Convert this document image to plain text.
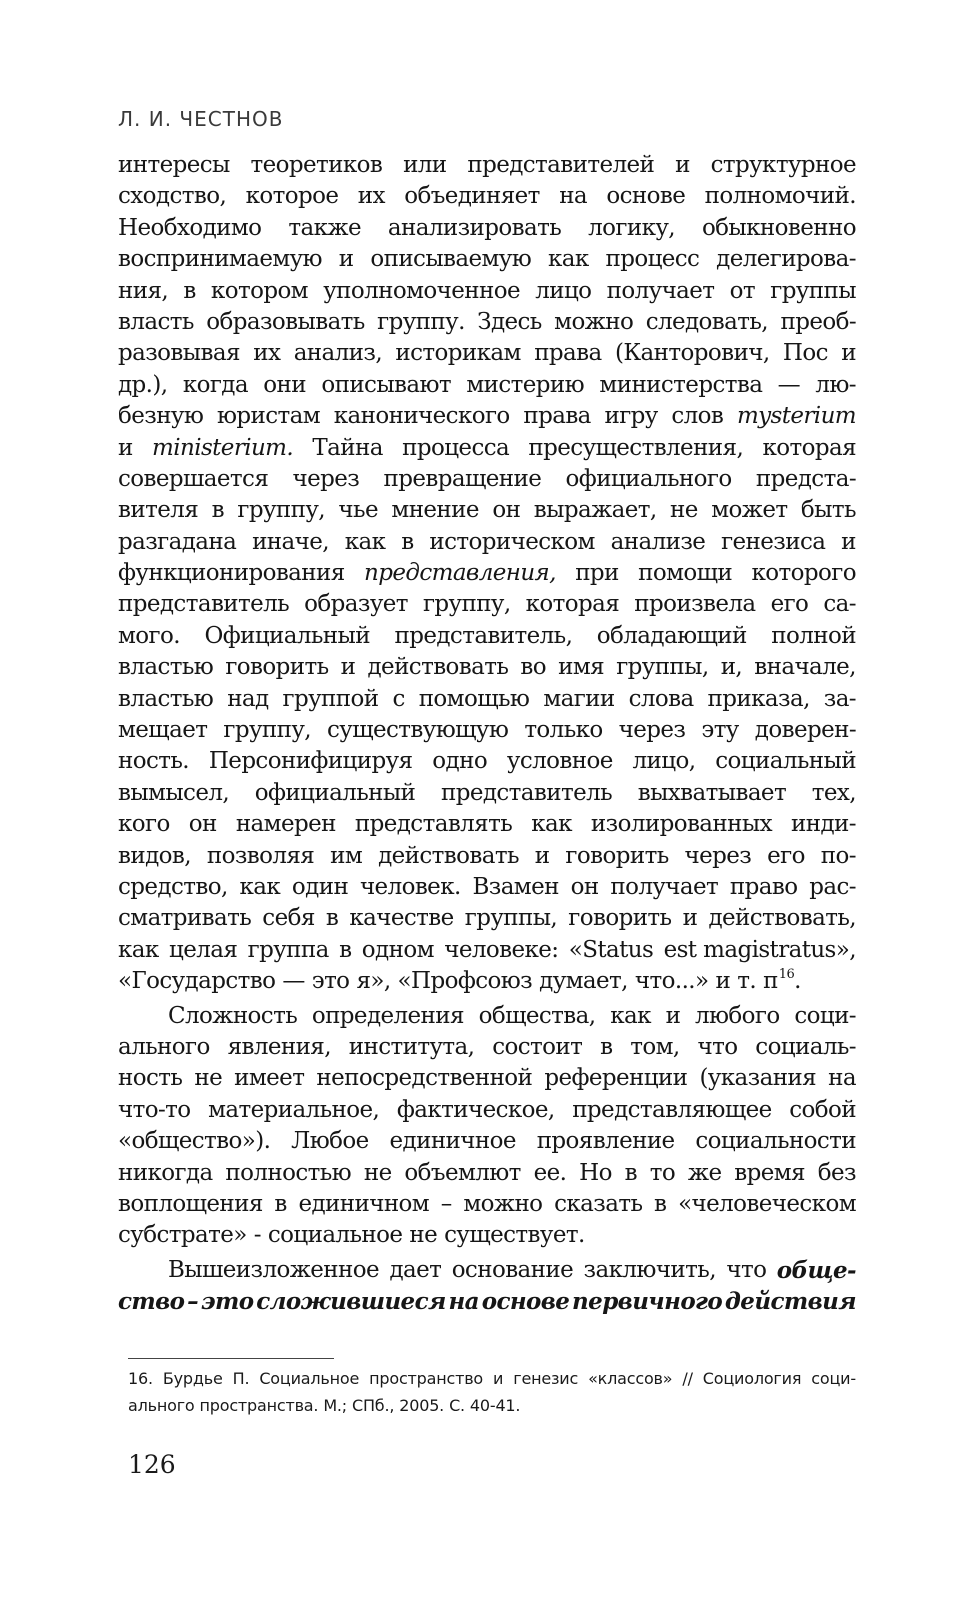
Л. И. ЧЕСТНОВ
интересы теоретиков или представителей и структурное
сходство, которое их объединяет на основе полномочий.
Необходимо также анализировать логику, обыкновенно
воспринимаемую и описываемую как процесс делегирова-
ния, в котором уполномоченное лицо получает от группы
власть образовывать группу. Здесь можно следовать, преоб-
разовывая их анализ, историкам права (Канторович, Пос и
др.), когда они описывают мистерию министерства — лю-
безную юристам канонического права игру слов mysterium
и ministerium. Тайна процесса пресуществления, которая
совершается через превращение официального предста-
вителя в группу, чье мнение он выражает, не может быть
разгадана иначе, как в историческом анализе генезиса и
функционирования представления, при помощи которого
представитель образует группу, которая произвела его са-
мого. Официальный представитель, обладающий полной
властью говорить и действовать во имя группы, и, вначале,
властью над группой с помощью магии слова приказа, за-
мещает группу, существующую только через эту доверен-
ность. Персонифицируя одно условное лицо, социальный
вымысел, официальный представитель выхватывает тех,
кого он намерен представлять как изолированных инди-
видов, позволяя им действовать и говорить через его по-
средство, как один человек. Взамен он получает право рас-
сматривать себя в качестве группы, говорить и действовать,
как целая группа в одном человеке: «Status est magistratus»,
«Государство — это я», «Профсоюз думает, что...» и т. п$^{16}$.
Сложность определения общества, как и любого соци-
ального явления, института, состоит в том, что социаль-
ность не имеет непосредственной референции (указания на
что-то материальное, фактическое, представляющее собой
«общество»). Любое единичное проявление социальности
никогда полностью не объемлют ее. Но в то же время без
воплощения в единичном – можно сказать в «человеческом
субстрате» - социальное не существует.
Вышеизложенное дает основание заключить, что обще-
ство – это сложившиеся на основе первичного действия
16. Бурдье П. Социальное пространство и генезис «классов» // Социология соци-
ального пространства. М.; СПб., 2005. С. 40-41.
126
